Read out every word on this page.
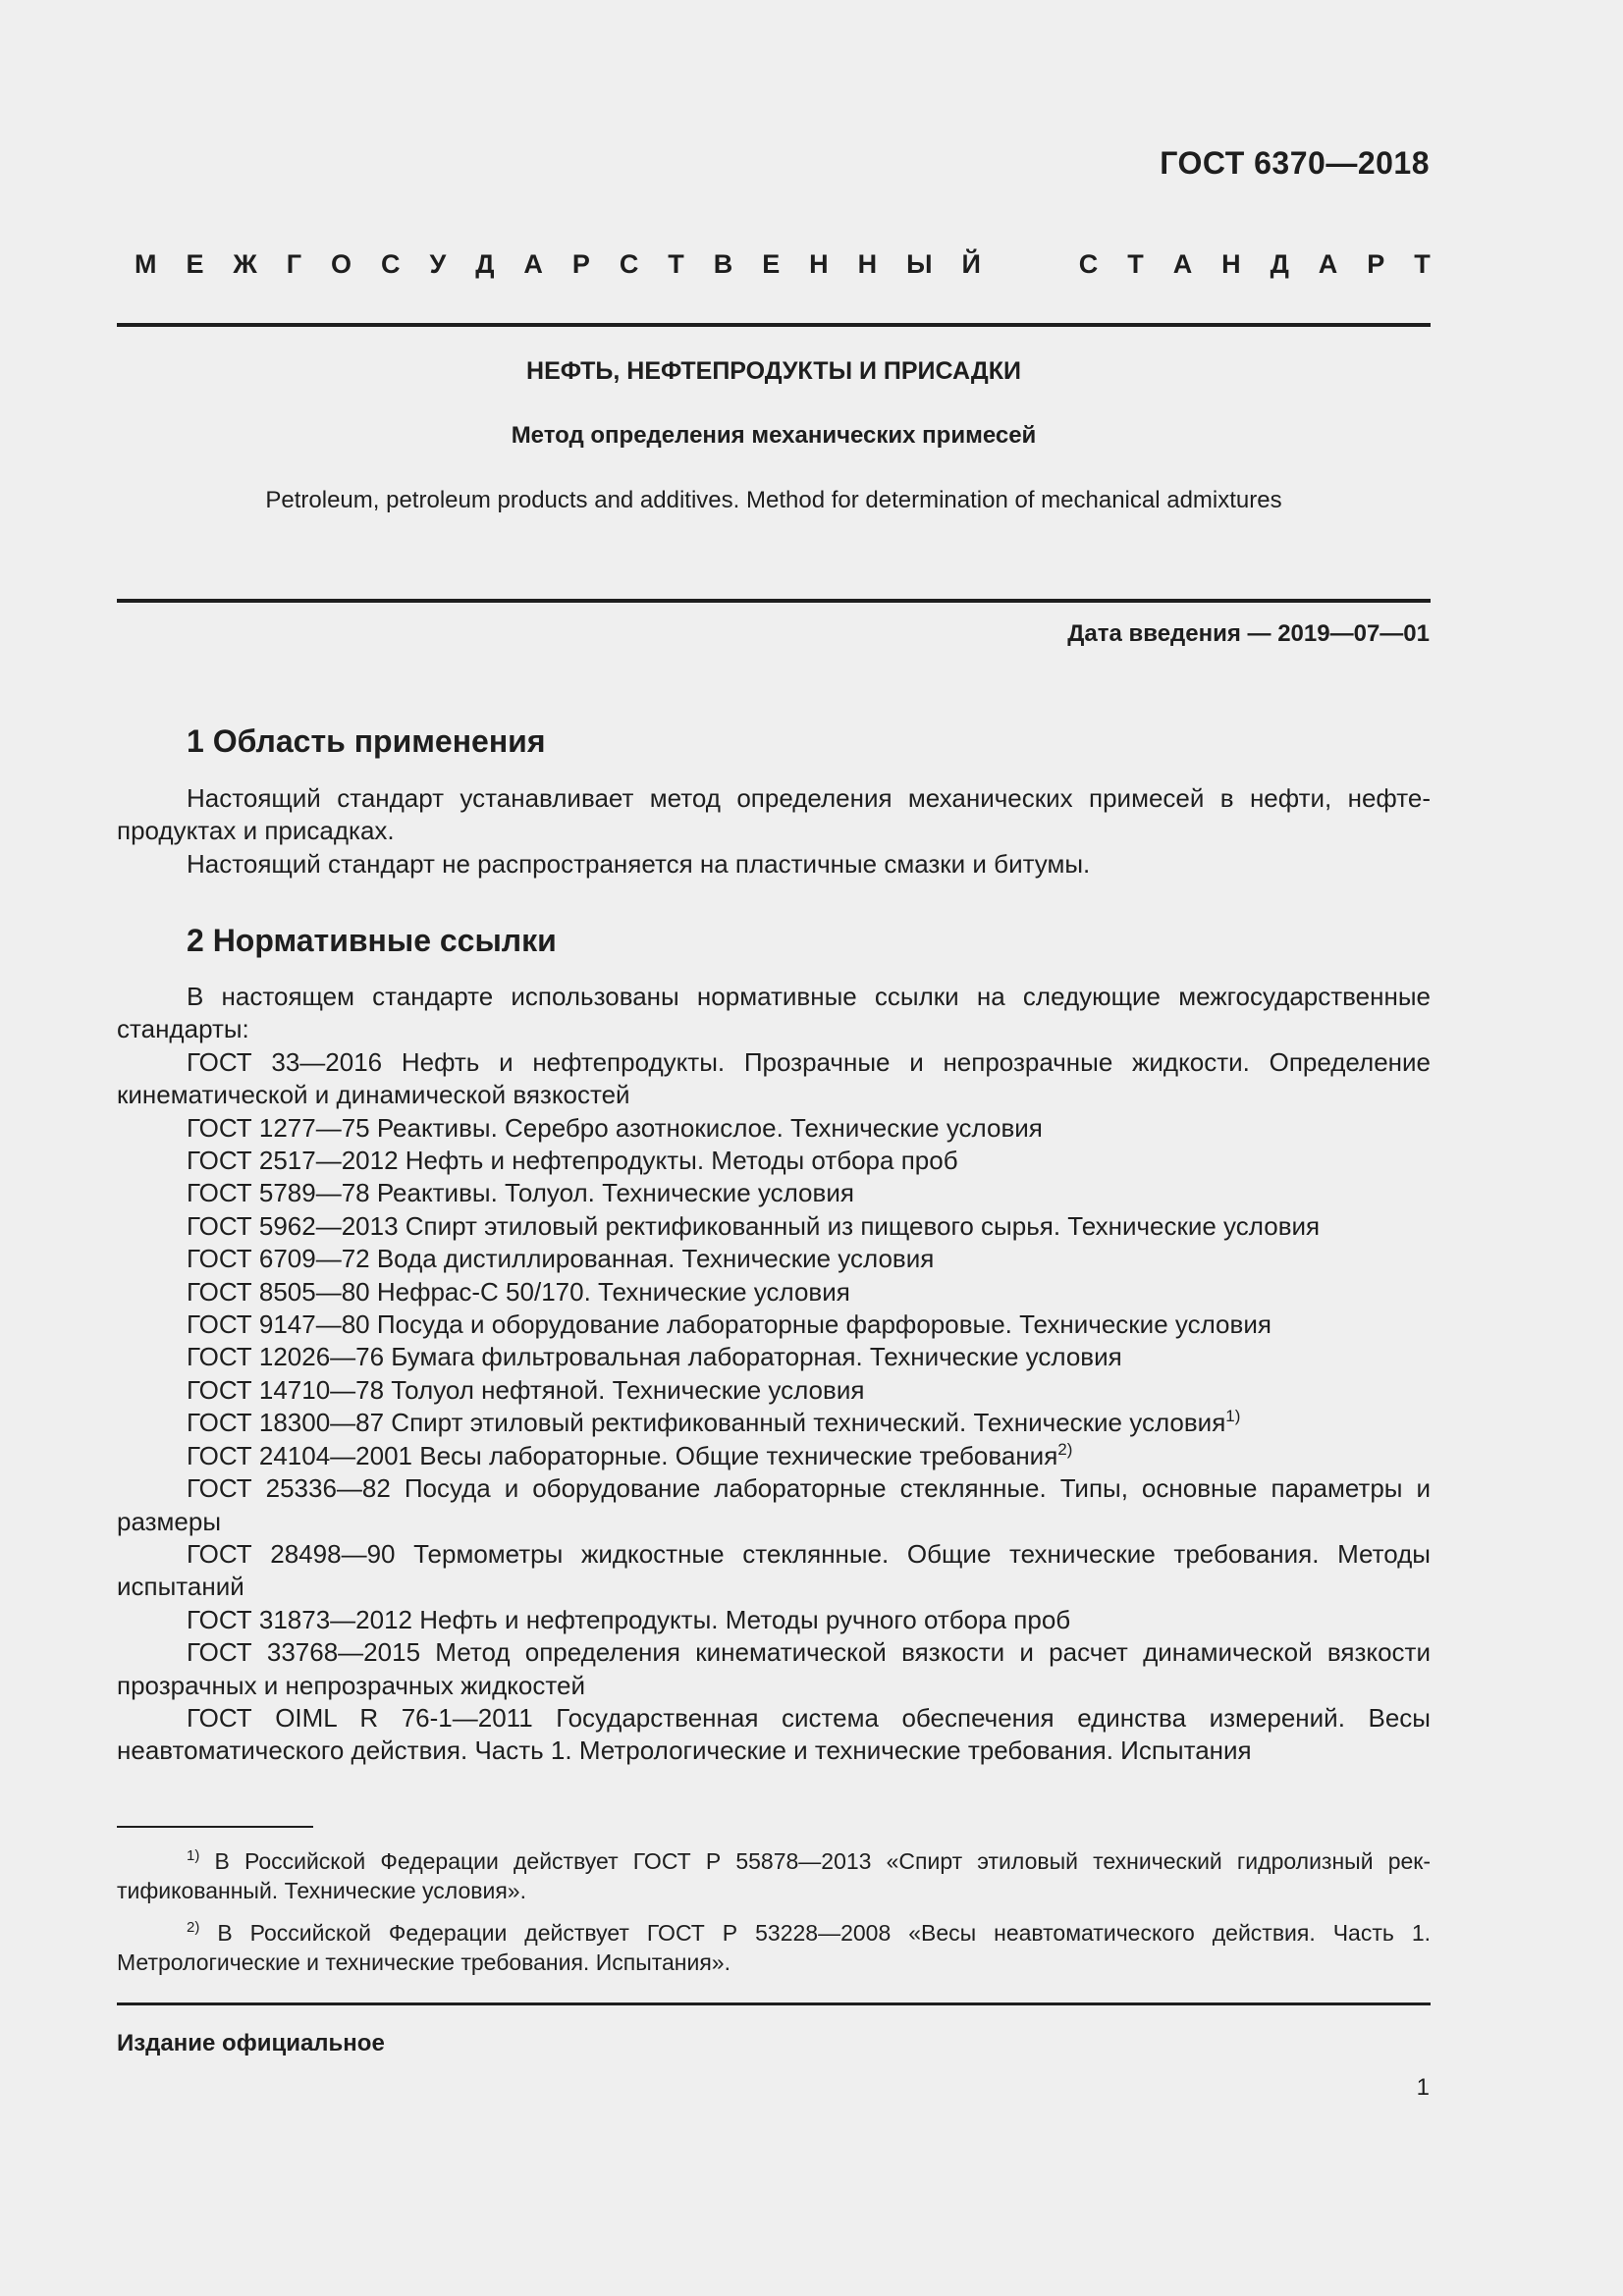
ГОСТ 6370—2018
М Е Ж Г О С У Д А Р С Т В Е Н Н Ы Й	С Т А Н Д А Р Т
НЕФТЬ, НЕФТЕПРОДУКТЫ И ПРИСАДКИ
Метод определения механических примесей
Petroleum, petroleum products and additives. Method for determination of mechanical admixtures
Дата введения — 2019—07—01
1 Область применения

Настоящий стандарт устанавливает метод определения механических примесей в нефти, нефте-продуктах и присадках.

Настоящий стандарт не распространяется на пластичные смазки и битумы.

2 Нормативные ссылки

В настоящем стандарте использованы нормативные ссылки на следующие межгосударственные стандарты:

ГОСТ 33—2016 Нефть и нефтепродукты. Прозрачные и непрозрачные жидкости. Определение кинематической и динамической вязкостей

ГОСТ 1277—75 Реактивы. Серебро азотнокислое. Технические условия

ГОСТ 2517—2012 Нефть и нефтепродукты. Методы отбора проб

ГОСТ 5789—78 Реактивы. Толуол. Технические условия

ГОСТ 5962—2013 Спирт этиловый ректификованный из пищевого сырья. Технические условия

ГОСТ 6709—72 Вода дистиллированная. Технические условия

ГОСТ 8505—80 Нефрас-С 50/170. Технические условия

ГОСТ 9147—80 Посуда и оборудование лабораторные фарфоровые. Технические условия

ГОСТ 12026—76 Бумага фильтровальная лабораторная. Технические условия

ГОСТ 14710—78 Толуол нефтяной. Технические условия

ГОСТ 18300—87 Спирт этиловый ректификованный технический. Технические условия$^{1)}$

ГОСТ 24104—2001 Весы лабораторные. Общие технические требования$^{2)}$

ГОСТ 25336—82 Посуда и оборудование лабораторные стеклянные. Типы, основные параметры и размеры

ГОСТ 28498—90 Термометры жидкостные стеклянные. Общие технические требования. Методы испытаний

ГОСТ 31873—2012 Нефть и нефтепродукты. Методы ручного отбора проб

ГОСТ 33768—2015 Метод определения кинематической вязкости и расчет динамической вязкости прозрачных и непрозрачных жидкостей

ГОСТ OIML R 76-1—2011 Государственная система обеспечения единства измерений. Весы неавтоматического действия. Часть 1. Метрологические и технические требования. Испытания

$^{1)}$ В Российской Федерации действует ГОСТ Р 55878—2013 «Спирт этиловый технический гидролизный рек-тификованный. Технические условия».

$^{2)}$ В Российской Федерации действует ГОСТ Р 53228—2008 «Весы неавтоматического действия. Часть 1. Метрологические и технические требования. Испытания».

Издание официальное
1
